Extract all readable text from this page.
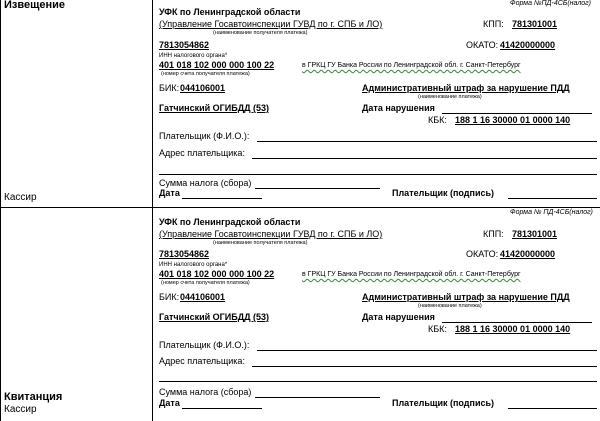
Извещение
Кассир
Квитанция
Кассир
Форма №ПД-4СБ(налог)
УФК по Ленинградской области
(Управление Госавтоинспекции ГУВД по г. СПБ и ЛО)
(наименование получателя платежа)
КПП: 781301001
7813054862	ОКАТО: 41420000000
ИНН налогового органа*
401 018 102 000 000 100 22	в ГРКЦ ГУ Банка России по Ленинградской обл. г. Санкт-Петербург
(номер счета получателя платежа)
БИК: 044106001	Административный штраф за нарушение ПДД
(наименование платежа)
Гатчинский ОГИБДД (53)	Дата нарушения
КБК: 188 1 16 30000 01 0000 140
Плательщик (Ф.И.О.):
Адрес плательщика:
Сумма налога (сбора)
Дата	Плательщик (подпись)
Форма № ПД-4СБ(налог)
УФК по Ленинградской области
(Управление Госавтоинспекции ГУВД по г. СПБ и ЛО)
(наименование получателя платежа)
КПП: 781301001
7813054862	ОКАТО: 41420000000
ИНН налогового органа*
401 018 102 000 000 100 22	в ГРКЦ ГУ Банка России по Ленинградской обл. г. Санкт-Петербург
(номер счета получателя платежа)
БИК: 044106001	Административный штраф за нарушение ПДД
(наименование платежа)
Гатчинский ОГИБДД (53)	Дата нарушения
КБК: 188 1 16 30000 01 0000 140
Плательщик (Ф.И.О.):
Адрес плательщика:
Сумма налога (сбора)
Дата	Плательщик (подпись)
